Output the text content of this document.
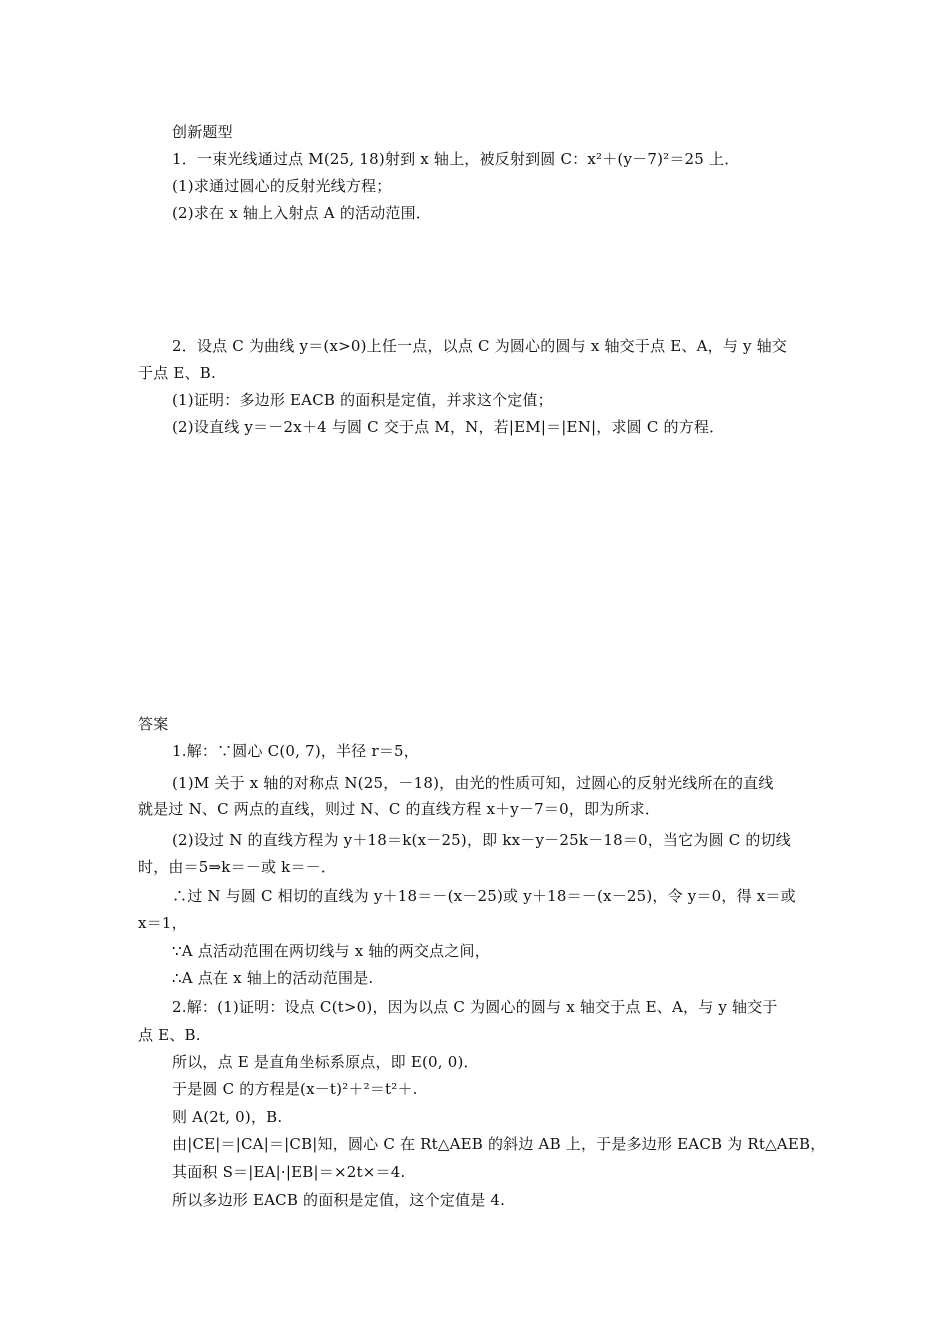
创新题型
1．一束光线通过点 M(25, 18)射到 x 轴上，被反射到圆 C：x²＋(y－7)²＝25 上．
(1)求通过圆心的反射光线方程；
(2)求在 x 轴上入射点 A 的活动范围．
2．设点 C 为曲线 y＝(x>0)上任一点，以点 C 为圆心的圆与 x 轴交于点 E、A，与 y 轴交
于点 E、B.
(1)证明：多边形 EACB 的面积是定值，并求这个定值；
(2)设直线 y＝－2x＋4 与圆 C 交于点 M，N，若|EM|＝|EN|，求圆 C 的方程．
答案
1.解：∵圆心 C(0, 7)，半径 r＝5，
(1)M 关于 x 轴的对称点 N(25，－18)，由光的性质可知，过圆心的反射光线所在的直线
就是过 N、C 两点的直线，则过 N、C 的直线方程 x＋y－7＝0，即为所求．
(2)设过 N 的直线方程为 y＋18＝k(x－25)，即 kx－y－25k－18＝0，当它为圆 C 的切线
时，由＝5⇒k＝－或 k＝－．
∴过 N 与圆 C 相切的直线为 y＋18＝－(x－25)或 y＋18＝－(x－25)，令 y＝0，得 x＝或
x＝1，
∵A 点活动范围在两切线与 x 轴的两交点之间，
∴A 点在 x 轴上的活动范围是.
2.解：(1)证明：设点 C(t>0)，因为以点 C 为圆心的圆与 x 轴交于点 E、A，与 y 轴交于
点 E、B.
所以，点 E 是直角坐标系原点，即 E(0, 0)．
于是圆 C 的方程是(x－t)²＋²＝t²＋.
则 A(2t, 0)，B.
由|CE|＝|CA|＝|CB|知，圆心 C 在 Rt△AEB 的斜边 AB 上，于是多边形 EACB 为 Rt△AEB，
其面积 S＝|EA|·|EB|＝×2t×＝4.
所以多边形 EACB 的面积是定值，这个定值是 4.
